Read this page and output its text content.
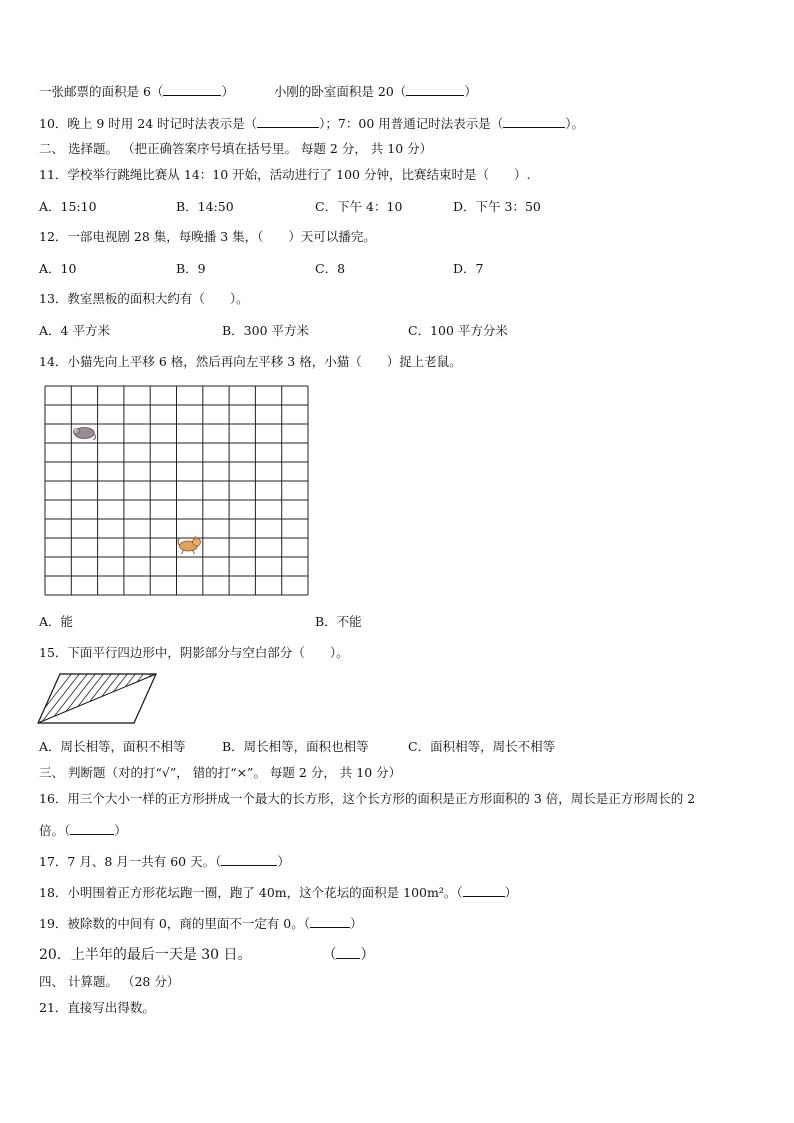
一张邮票的面积是 6（	）	小刚的卧室面积是 20（	）
10．晚上 9 时用 24 时记时法表示是（	）；7：00 用普通记时法表示是（	）。
二、 选择题。 （把正确答案序号填在括号里。 每题 2 分， 共 10 分）
11．学校举行跳绳比赛从 14：10 开始，活动进行了 100 分钟，比赛结束时是（　　）.
A．15:10	B．14:50	C．下午 4：10	D．下午 3：50
12．一部电视剧 28 集，每晚播 3 集，（　　）天可以播完。
A．10	B．9	C．8	D．7
13．教室黑板的面积大约有（　　）。
A．4 平方米	B．300 平方米	C．100 平方分米
14．小猫先向上平移 6 格，然后再向左平移 3 格，小猫（　　）捉上老鼠。
A．能	B．不能
15．下面平行四边形中，阴影部分与空白部分（　　）。
A．周长相等，面积不相等	B．周长相等，面积也相等	C．面积相等，周长不相等
三、 判断题（对的打“√”， 错的打“×”。 每题 2 分， 共 10 分）
16．用三个大小一样的正方形拼成一个最大的长方形，这个长方形的面积是正方形面积的 3 倍，周长是正方形周长的 2
倍。（	）
17．7 月、8 月一共有 60 天。（	）
18．小明围着正方形花坛跑一圈，跑了 40m，这个花坛的面积是 100m²。（	）
19．被除数的中间有 0，商的里面不一定有 0。（	）
20．上半年的最后一天是 30 日。	（ ）
四、 计算题。 （28 分）
21．直接写出得数。
